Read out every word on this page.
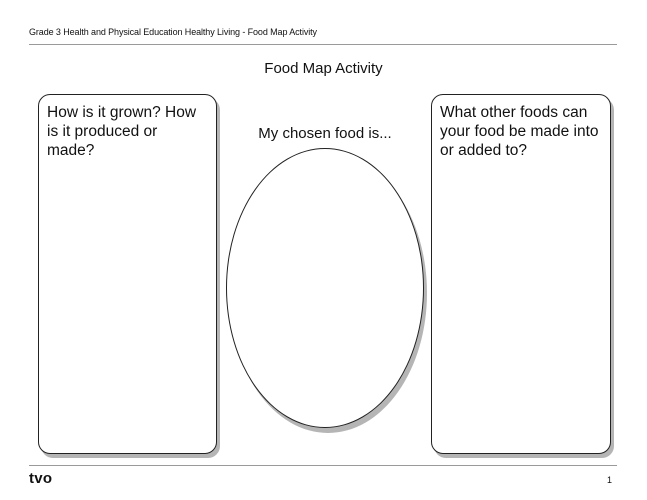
Grade 3 Health and Physical Education Healthy Living - Food Map Activity
Food Map Activity
How is it grown? How is it produced or made?
My chosen food is...
What other foods can your food be made into or added to?
tvo	1
